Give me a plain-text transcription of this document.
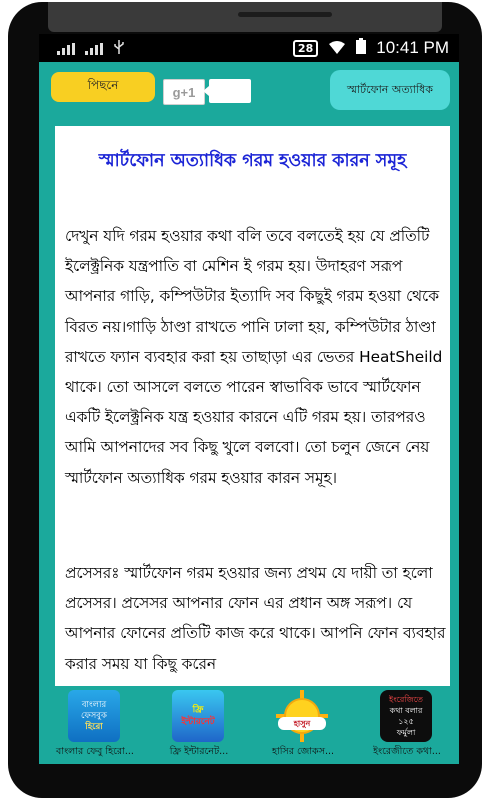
28	10:41 PM
পিছনে	g+1	স্মার্টফোন অত্যাধিক
স্মার্টফোন অত্যাধিক গরম হওয়ার কারন সমূহ

দেখুন যদি গরম হওয়ার কথা বলি তবে বলতেই হয় যে প্রতিটি ইলেক্ট্রনিক যন্ত্রপাতি বা মেশিন ই গরম হয়। উদাহরণ সরূপ আপনার গাড়ি, কম্পিউটার ইত্যাদি সব কিছুই গরম হওয়া থেকে বিরত নয়।গাড়ি ঠাণ্ডা রাখতে পানি ঢালা হয়, কম্পিউটার ঠাণ্ডা রাখতে ফ্যান ব্যবহার করা হয় তাছাড়া এর ভেতর HeatSheild থাকে। তো আসলে বলতে পারেন স্বাভাবিক ভাবে স্মার্টফোন একটি ইলেক্ট্রনিক যন্ত্র হওয়ার কারনে এটি গরম হয়। তারপরও আমি আপনাদের সব কিছু খুলে বলবো। তো চলুন জেনে নেয় স্মার্টফোন অত্যাধিক গরম হওয়ার কারন সমূহ।

প্রসেসরঃ স্মার্টফোন গরম হওয়ার জন্য প্রথম যে দায়ী তা হলো প্রসেসর। প্রসেসর আপনার ফোন এর প্রধান অঙ্গ সরূপ। যে আপনার ফোনের প্রতিটি কাজ করে থাকে। আপনি ফোন ব্যবহার করার সময় যা কিছু করেন

বাংলার
ফেসবুক
হিরো
বাংলার ফেবু হিরো...
ফ্রি
ইন্টারনেট
ফ্রি ইন্টারনেট...
হাসুন
হাসির জোকস...
ইংরেজিতে
কথা বলার
১২৫
ফর্মুলা
ইংরেজীতে কথা...
